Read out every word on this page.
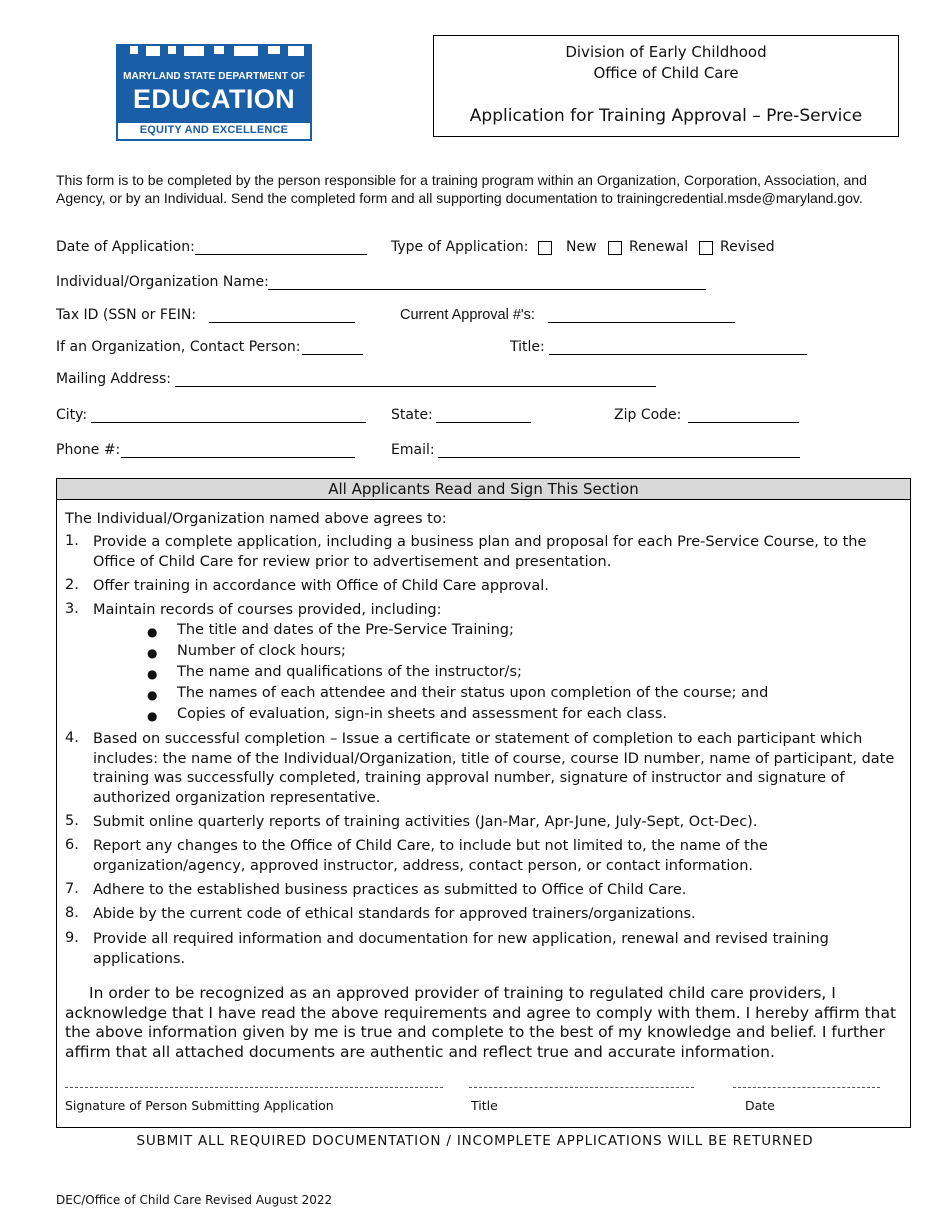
MARYLAND STATE DEPARTMENT OF
EDUCATION
EQUITY AND EXCELLENCE
Division of Early Childhood
Office of Child Care
Application for Training Approval – Pre-Service
This form is to be completed by the person responsible for a training program within an Organization, Corporation, Association, and Agency, or by an Individual. Send the completed form and all supporting documentation to trainingcredential.msde@maryland.gov.
Date of Application:	Type of Application:	New Renewal Revised
Individual/Organization Name:
Tax ID (SSN or FEIN:	Current Approval #'s:
If an Organization, Contact Person:	Title:
Mailing Address:
City:	State:	Zip Code:
Phone #:	Email:
All Applicants Read and Sign This Section
The Individual/Organization named above agrees to:
1. Provide a complete application, including a business plan and proposal for each Pre-Service Course, to the Office of Child Care for review prior to advertisement and presentation.
2. Offer training in accordance with Office of Child Care approval.
3. Maintain records of courses provided, including:
● The title and dates of the Pre-Service Training;
● Number of clock hours;
● The name and qualifications of the instructor/s;
● The names of each attendee and their status upon completion of the course; and
● Copies of evaluation, sign-in sheets and assessment for each class.
4. Based on successful completion – Issue a certificate or statement of completion to each participant which includes: the name of the Individual/Organization, title of course, course ID number, name of participant, date training was successfully completed, training approval number, signature of instructor and signature of authorized organization representative.
5. Submit online quarterly reports of training activities (Jan-Mar, Apr-June, July-Sept, Oct-Dec).
6. Report any changes to the Office of Child Care, to include but not limited to, the name of the organization/agency, approved instructor, address, contact person, or contact information.
7. Adhere to the established business practices as submitted to Office of Child Care.
8. Abide by the current code of ethical standards for approved trainers/organizations.
9. Provide all required information and documentation for new application, renewal and revised training applications.
In order to be recognized as an approved provider of training to regulated child care providers, I acknowledge that I have read the above requirements and agree to comply with them. I hereby affirm that the above information given by me is true and complete to the best of my knowledge and belief. I further affirm that all attached documents are authentic and reflect true and accurate information.
Signature of Person Submitting Application	Title	Date
SUBMIT ALL REQUIRED DOCUMENTATION / INCOMPLETE APPLICATIONS WILL BE RETURNED
DEC/Office of Child Care Revised August 2022
